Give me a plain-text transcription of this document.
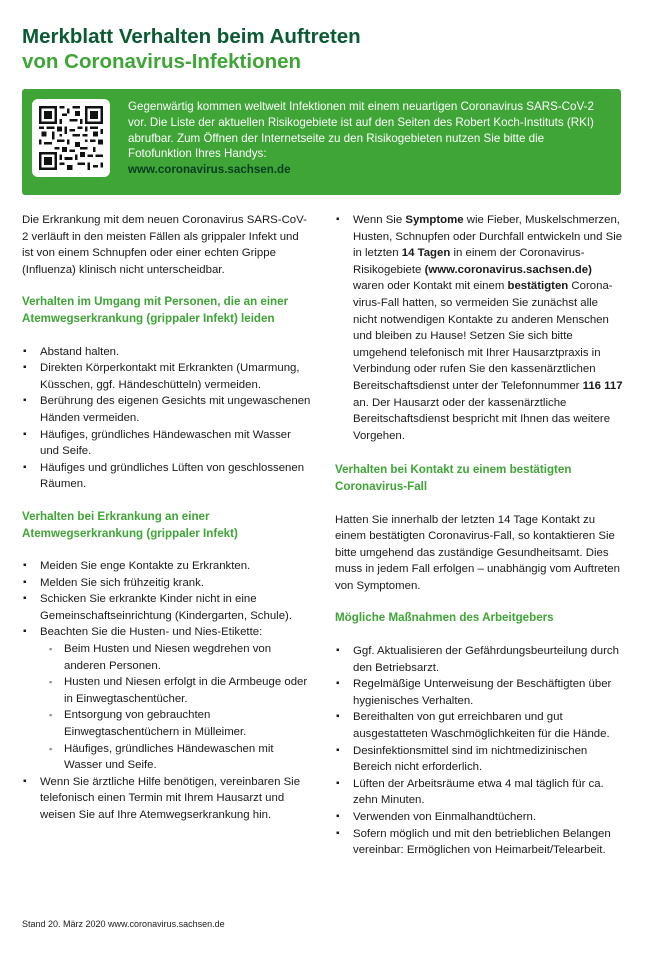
Merkblatt Verhalten beim Auftreten
von Coronavirus-Infektionen
Gegenwärtig kommen weltweit Infektionen mit einem neuartigen Coronavirus SARS-CoV-2 vor. Die Liste der aktuellen Risikogebiete ist auf den Seiten des Robert Koch-Instituts (RKI) abrufbar. Zum Öffnen der Internetseite zu den Risikogebieten nutzen Sie bitte die Fotofunktion Ihres Handys:
www.coronavirus.sachsen.de

Die Erkrankung mit dem neuen Coronavirus SARS-CoV-2 verläuft in den meisten Fällen als grippaler Infekt und ist von einem Schnupfen oder einer echten Grippe (Influenza) klinisch nicht unterscheidbar.

Verhalten im Umgang mit Personen, die an einer Atemwegserkrankung (grippaler Infekt) leiden
▪ Abstand halten.
▪ Direkten Körperkontakt mit Erkrankten (Umarmung, Küsschen, ggf. Händeschütteln) vermeiden.
▪ Berührung des eigenen Gesichts mit ungewaschenen Händen vermeiden.
▪ Häufiges, gründliches Händewaschen mit Wasser und Seife.
▪ Häufiges und gründliches Lüften von geschlossenen Räumen.
Verhalten bei Erkrankung an einer Atemwegserkrankung (grippaler Infekt)
▪ Meiden Sie enge Kontakte zu Erkrankten.
▪ Melden Sie sich frühzeitig krank.
▪ Schicken Sie erkrankte Kinder nicht in eine Gemeinschaftseinrichtung (Kindergarten, Schule).
▪ Beachten Sie die Husten- und Nies-Etikette:
▪ Beim Husten und Niesen wegdrehen von anderen Personen.
▪ Husten und Niesen erfolgt in die Armbeuge oder in Einwegtaschentücher.
▪ Entsorgung von gebrauchten Einwegtaschentüchern in Mülleimer.
▪ Häufiges, gründliches Händewaschen mit Wasser und Seife.
▪ Wenn Sie ärztliche Hilfe benötigen, vereinbaren Sie telefonisch einen Termin mit Ihrem Hausarzt und weisen Sie auf Ihre Atemwegserkrankung hin.
▪ Wenn Sie Symptome wie Fieber, Muskelschmerzen, Husten, Schnupfen oder Durchfall entwickeln und Sie in letzten 14 Tagen in einem der Coronavirus-Risikogebiete (www.coronavirus.sachsen.de) waren oder Kontakt mit einem bestätigten Corona-virus-Fall hatten, so vermeiden Sie zunächst alle nicht notwendigen Kontakte zu anderen Menschen und bleiben zu Hause! Setzen Sie sich bitte umgehend telefonisch mit Ihrer Hausarztpraxis in Verbindung oder rufen Sie den kassenärztlichen Bereitschaftsdienst unter der Telefonnummer 116 117 an. Der Hausarzt oder der kassenärztliche Bereitschaftsdienst bespricht mit Ihnen das weitere Vorgehen.
Verhalten bei Kontakt zu einem bestätigten Coronavirus-Fall

Hatten Sie innerhalb der letzten 14 Tage Kontakt zu einem bestätigten Coronavirus-Fall, so kontaktieren Sie bitte umgehend das zuständige Gesundheitsamt. Dies muss in jedem Fall erfolgen – unabhängig vom Auftreten von Symptomen.

Mögliche Maßnahmen des Arbeitgebers
▪ Ggf. Aktualisieren der Gefährdungsbeurteilung durch den Betriebsarzt.
▪ Regelmäßige Unterweisung der Beschäftigten über hygienisches Verhalten.
▪ Bereithalten von gut erreichbaren und gut ausgestatteten Waschmöglichkeiten für die Hände.
▪ Desinfektionsmittel sind im nichtmedizinischen Bereich nicht erforderlich.
▪ Lüften der Arbeitsräume etwa 4 mal täglich für ca. zehn Minuten.
▪ Verwenden von Einmalhandtüchern.
▪ Sofern möglich und mit den betrieblichen Belangen vereinbar: Ermöglichen von Heimarbeit/Telearbeit.
Stand 20. März 2020 www.coronavirus.sachsen.de
